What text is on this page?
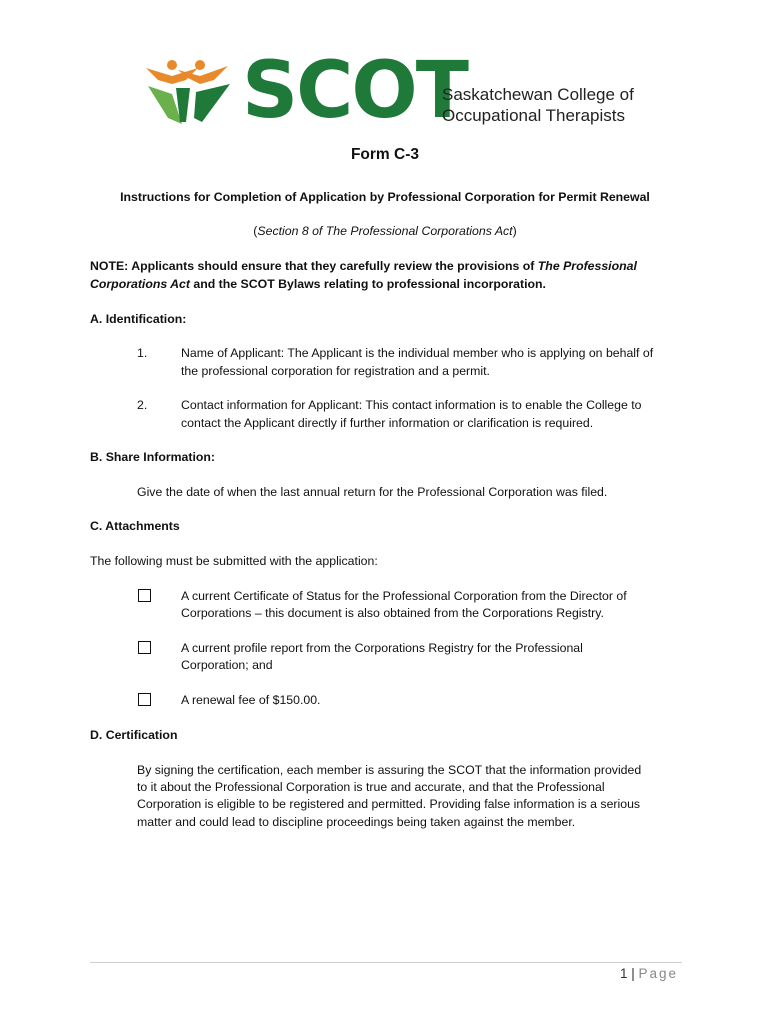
SCOT
Saskatchewan College of
Occupational Therapists
Form C-3
Instructions for Completion of Application by Professional Corporation for Permit Renewal
(Section 8 of The Professional Corporations Act)
NOTE: Applicants should ensure that they carefully review the provisions of The Professional
Corporations Act and the SCOT Bylaws relating to professional incorporation.
A. Identification:
1.	Name of Applicant: The Applicant is the individual member who is applying on behalf of
the professional corporation for registration and a permit.
2.	Contact information for Applicant: This contact information is to enable the College to
contact the Applicant directly if further information or clarification is required.
B. Share Information:
Give the date of when the last annual return for the Professional Corporation was filed.
C. Attachments
The following must be submitted with the application:
A current Certificate of Status for the Professional Corporation from the Director of
Corporations – this document is also obtained from the Corporations Registry.
A current profile report from the Corporations Registry for the Professional
Corporation; and
A renewal fee of $150.00.
D. Certification
By signing the certification, each member is assuring the SCOT that the information provided
to it about the Professional Corporation is true and accurate, and that the Professional
Corporation is eligible to be registered and permitted. Providing false information is a serious
matter and could lead to discipline proceedings being taken against the member.
1 | Page
